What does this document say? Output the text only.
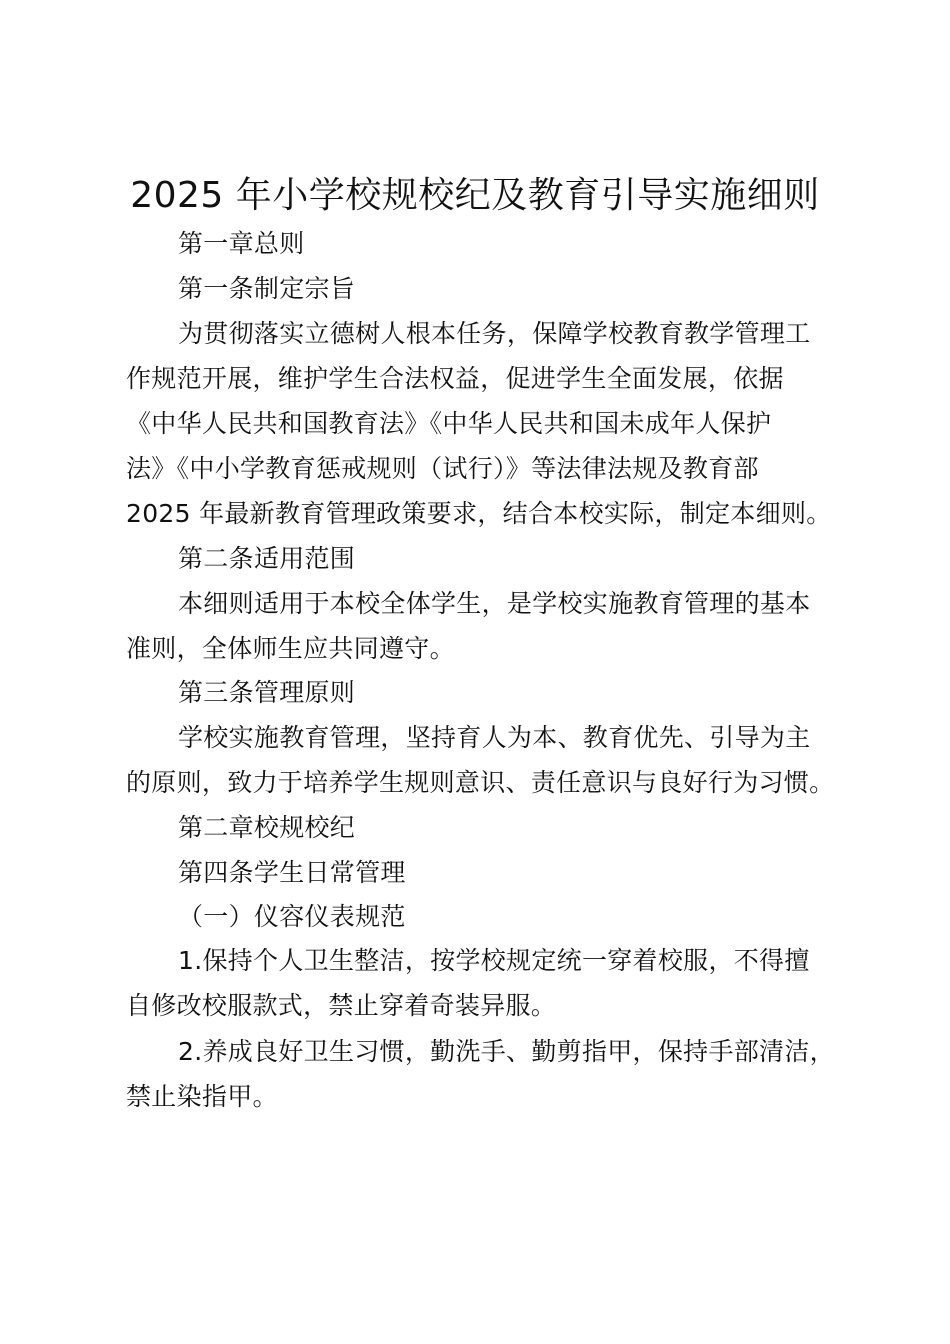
2025 年小学校规校纪及教育引导实施细则
第一章总则
第一条制定宗旨
为贯彻落实立德树人根本任务，保障学校教育教学管理工
作规范开展，维护学生合法权益，促进学生全面发展，依据
《中华人民共和国教育法》《中华人民共和国未成年人保护
法》《中小学教育惩戒规则（试行）》等法律法规及教育部
2025 年最新教育管理政策要求，结合本校实际，制定本细则。
第二条适用范围
本细则适用于本校全体学生，是学校实施教育管理的基本
准则，全体师生应共同遵守。
第三条管理原则
学校实施教育管理，坚持育人为本、教育优先、引导为主
的原则，致力于培养学生规则意识、责任意识与良好行为习惯。
第二章校规校纪
第四条学生日常管理
（一）仪容仪表规范
1.保持个人卫生整洁，按学校规定统一穿着校服，不得擅
自修改校服款式，禁止穿着奇装异服。
2.养成良好卫生习惯，勤洗手、勤剪指甲，保持手部清洁，
禁止染指甲。
